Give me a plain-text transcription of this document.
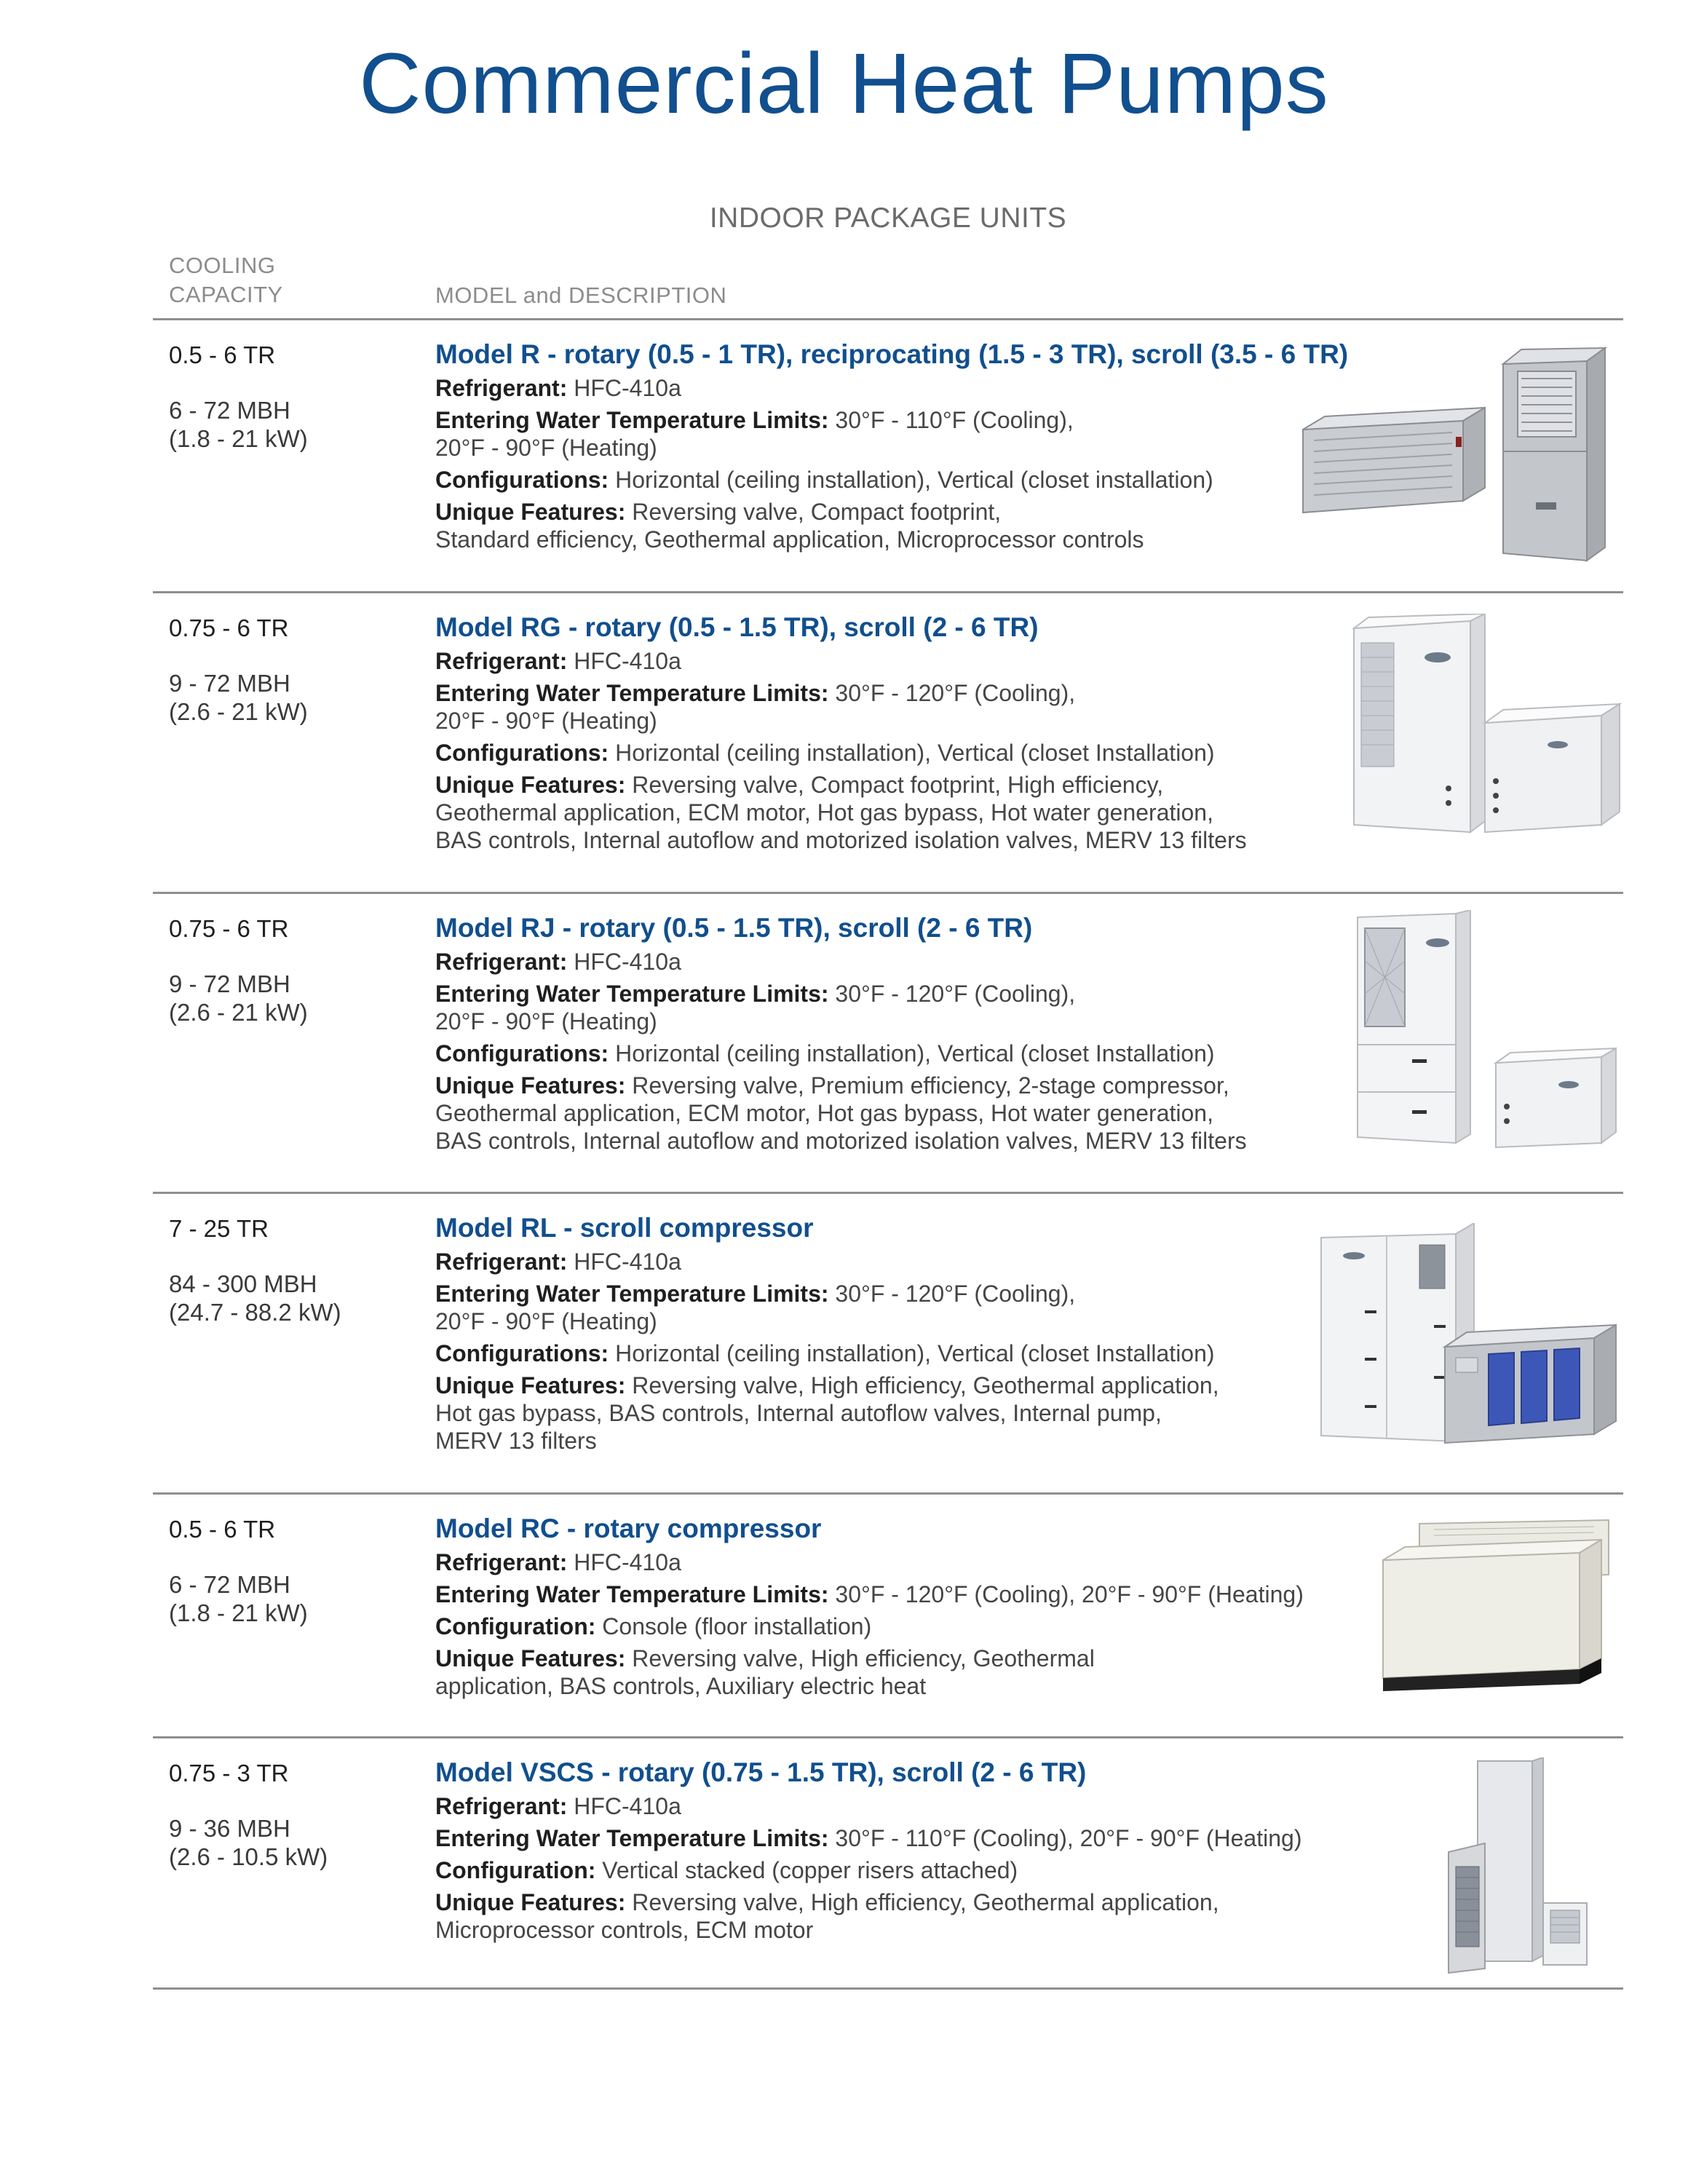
Commercial Heat Pumps
INDOOR PACKAGE UNITS
COOLING
CAPACITY	MODEL and DESCRIPTION
0.5 - 6 TR
6 - 72 MBH
(1.8 - 21 kW)
Model R - rotary (0.5 - 1 TR), reciprocating (1.5 - 3 TR), scroll (3.5 - 6 TR)
Refrigerant: HFC-410a
Entering Water Temperature Limits: 30°F - 110°F (Cooling),
20°F - 90°F (Heating)
Configurations: Horizontal (ceiling installation), Vertical (closet installation)
Unique Features: Reversing valve, Compact footprint,
Standard efficiency, Geothermal application, Microprocessor controls
0.75 - 6 TR
9 - 72 MBH
(2.6 - 21 kW)
Model RG - rotary (0.5 - 1.5 TR), scroll (2 - 6 TR)
Refrigerant: HFC-410a
Entering Water Temperature Limits: 30°F - 120°F (Cooling),
20°F - 90°F (Heating)
Configurations: Horizontal (ceiling installation), Vertical (closet Installation)
Unique Features: Reversing valve, Compact footprint, High efficiency,
Geothermal application, ECM motor, Hot gas bypass, Hot water generation,
BAS controls, Internal autoflow and motorized isolation valves, MERV 13 filters
0.75 - 6 TR
9 - 72 MBH
(2.6 - 21 kW)
Model RJ - rotary (0.5 - 1.5 TR), scroll (2 - 6 TR)
Refrigerant: HFC-410a
Entering Water Temperature Limits: 30°F - 120°F (Cooling),
20°F - 90°F (Heating)
Configurations: Horizontal (ceiling installation), Vertical (closet Installation)
Unique Features: Reversing valve, Premium efficiency, 2-stage compressor,
Geothermal application, ECM motor, Hot gas bypass, Hot water generation,
BAS controls, Internal autoflow and motorized isolation valves, MERV 13 filters
7 - 25 TR
84 - 300 MBH
(24.7 - 88.2 kW)
Model RL - scroll compressor
Refrigerant: HFC-410a
Entering Water Temperature Limits: 30°F - 120°F (Cooling),
20°F - 90°F (Heating)
Configurations: Horizontal (ceiling installation), Vertical (closet Installation)
Unique Features: Reversing valve, High efficiency, Geothermal application,
Hot gas bypass, BAS controls, Internal autoflow valves, Internal pump,
MERV 13 filters
0.5 - 6 TR
6 - 72 MBH
(1.8 - 21 kW)
Model RC - rotary compressor
Refrigerant: HFC-410a
Entering Water Temperature Limits: 30°F - 120°F (Cooling), 20°F - 90°F (Heating)
Configuration: Console (floor installation)
Unique Features: Reversing valve, High efficiency, Geothermal
application, BAS controls, Auxiliary electric heat
0.75 - 3 TR
9 - 36 MBH
(2.6 - 10.5 kW)
Model VSCS - rotary (0.75 - 1.5 TR), scroll (2 - 6 TR)
Refrigerant: HFC-410a
Entering Water Temperature Limits: 30°F - 110°F (Cooling), 20°F - 90°F (Heating)
Configuration: Vertical stacked (copper risers attached)
Unique Features: Reversing valve, High efficiency, Geothermal application,
Microprocessor controls, ECM motor
